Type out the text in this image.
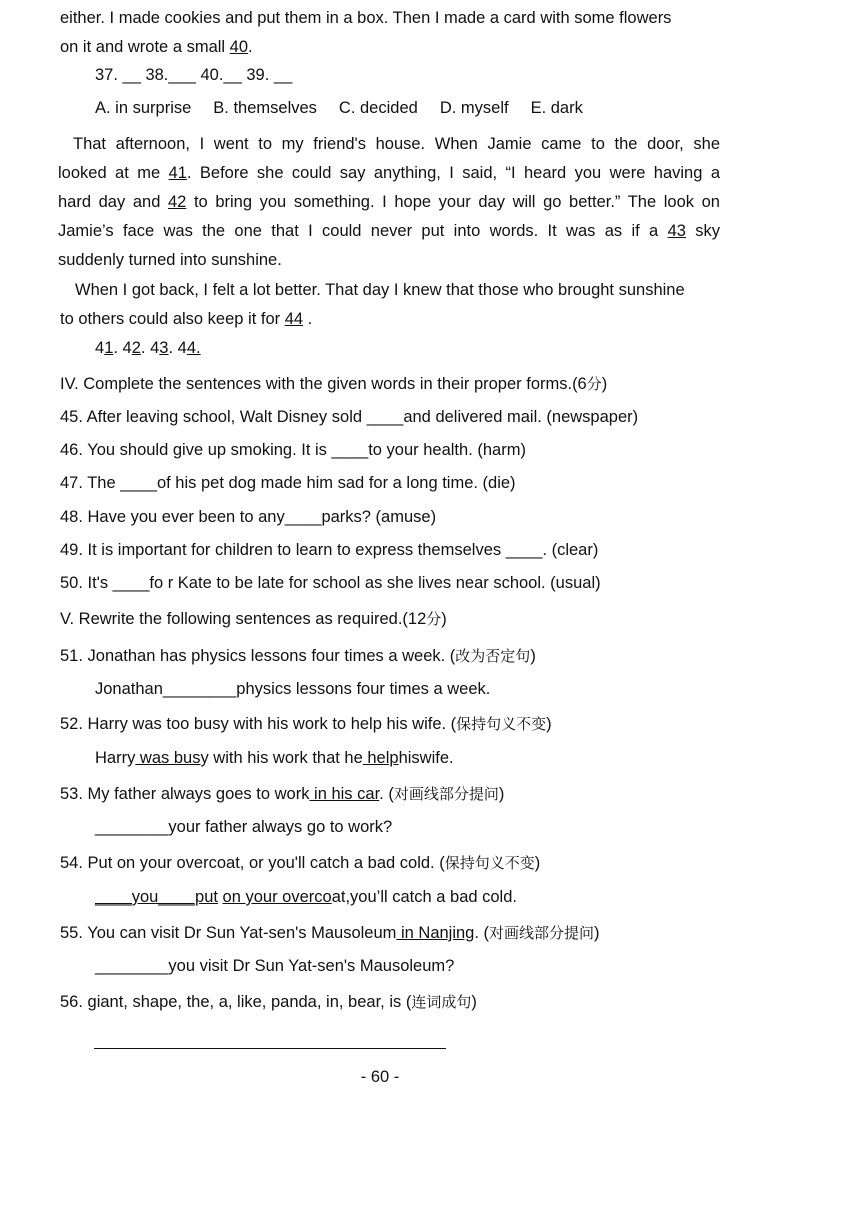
either. I made cookies and put them in a box. Then I made a card with some flowers
on it and wrote a small 40.
37. __ 38.___ 40.__ 39. __
A. in surprise B. themselves C. decided D. myself E. dark
That afternoon, I went to my friend's house. When Jamie came to the door, she
looked at me 41. Before she could say anything, I said, “I heard you were having a
hard day and 42 to bring you something. I hope your day will go better.” The look on
Jamie’s face was the one that I could never put into words. It was as if a 43 sky
suddenly turned into sunshine.
When I got back, I felt a lot better. That day I knew that those who brought sunshine
to others could also keep it for 44 .
41. 42. 43. 44.
IV. Complete the sentences with the given words in their proper forms.(6分)
45. After leaving school, Walt Disney sold ____and delivered mail. (newspaper)
46. You should give up smoking. It is ____to your health. (harm)
47. The ____of his pet dog made him sad for a long time. (die)
48. Have you ever been to any____parks? (amuse)
49. It is important for children to learn to express themselves ____. (clear)
50. It's ____fo r Kate to be late for school as she lives near school. (usual)
V. Rewrite the following sentences as required.(12分)
51. Jonathan has physics lessons four times a week. (改为否定句)
Jonathan________physics lessons four times a week.
52. Harry was too busy with his work to help his wife. (保持句义不变)
Harry was busy with his work that he helphiswife.
53. My father always goes to work in his car. (对画线部分提问)
________your father always go to work?
54. Put on your overcoat, or you'll catch a bad cold. (保持句义不变)
____you____put on your overcoat,you’ll catch a bad cold.
55. You can visit Dr Sun Yat-sen's Mausoleum in Nanjing. (对画线部分提问)
________you visit Dr Sun Yat-sen's Mausoleum?
56. giant, shape, the, a, like, panda, in, bear, is (连词成句)
- 60 -
